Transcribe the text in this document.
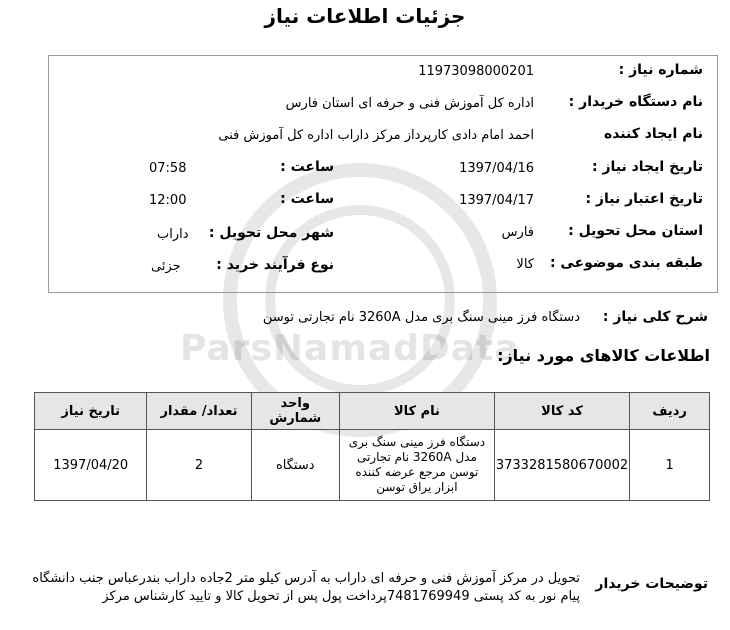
جزئیات اطلاعات نیاز
ParsNamadData
شماره نیاز :
11973098000201
نام دستگاه خریدار :
اداره کل آموزش فنی و حرفه ای استان فارس
نام ایجاد کننده
احمد امام دادی کارپرداز مرکز داراب اداره کل آموزش فنی
تاریخ ایجاد نیاز :
1397/04/16
ساعت :
07:58
تاریخ اعتبار نیاز :
1397/04/17
ساعت :
12:00
استان محل تحویل :
فارس
شهر محل تحویل :
داراب
طبقه بندی موضوعی :
کالا
نوع فرآیند خرید :
جزئی
شرح کلی نیاز :
دستگاه فرز مینی سنگ بری مدل 3260A نام تجارتی توسن
اطلاعات کالاهای مورد نیاز:
ردیف	کد کالا	نام کالا	واحد شمارش	تعداد/ مقدار	تاریخ نیاز
1	3733281580670002	دستگاه فرز مینی سنگ بری مدل 3260A نام تجارتی توسن مرجع عرضه کننده ابزار یراق توسن	دستگاه	2	1397/04/20
توضیحات خریدار
تحویل در مرکز آموزش فنی و حرفه ای داراب به آدرس کیلو متر 2جاده داراب بندرعباس جنب دانشگاه پیام نور به کد پستی 7481769949پرداخت پول پس از تحویل کالا و تایید کارشناس مرکز
